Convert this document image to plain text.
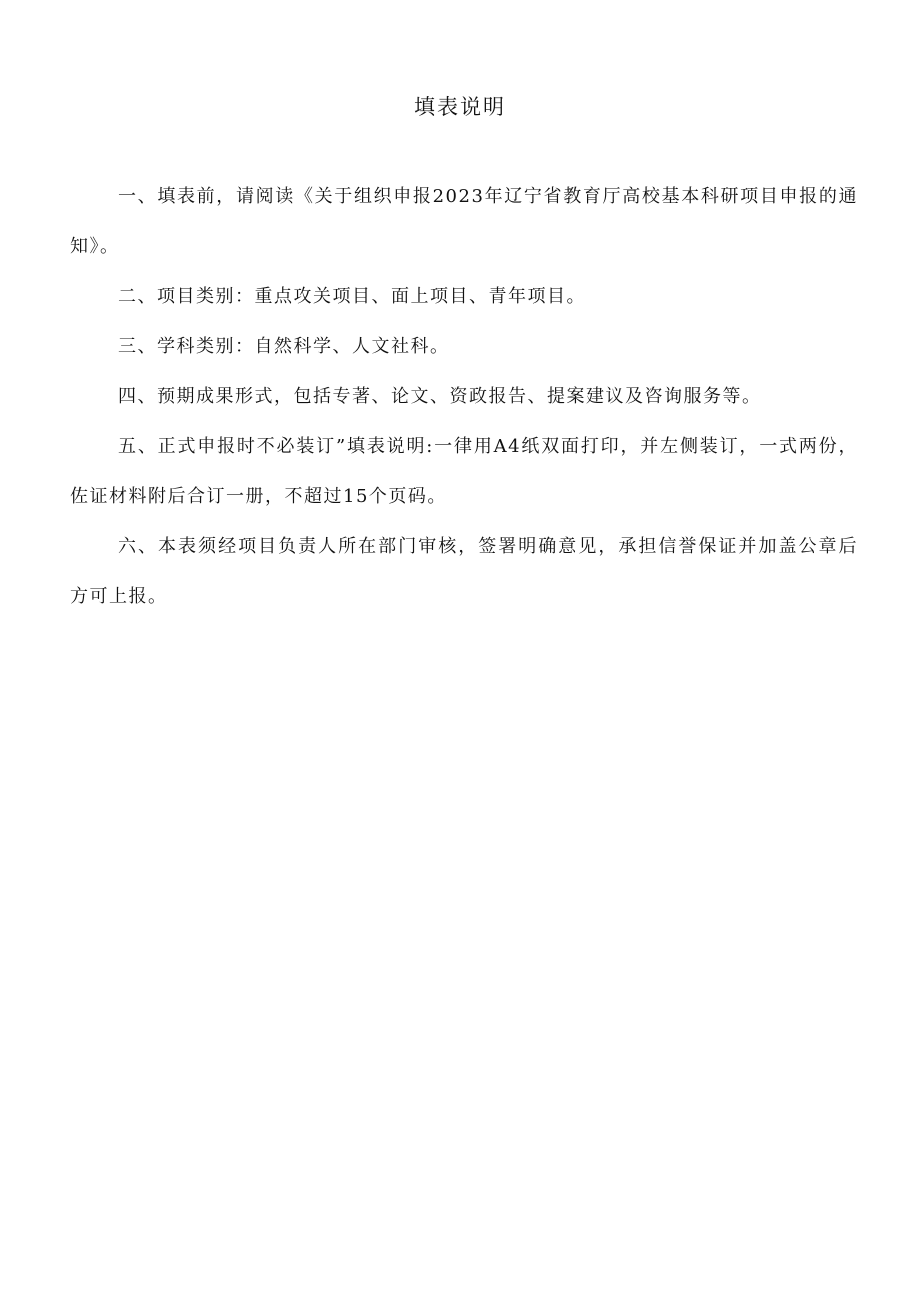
填表说明

一、填表前，请阅读《关于组织申报2023年辽宁省教育厅高校基本科研项目申报的通知》。

二、项目类别：重点攻关项目、面上项目、青年项目。

三、学科类别：自然科学、人文社科。

四、预期成果形式，包括专著、论文、资政报告、提案建议及咨询服务等。

五、正式申报时不必装订”填表说明:一律用A4纸双面打印，并左侧装订，一式两份，佐证材料附后合订一册，不超过15个页码。

六、本表须经项目负责人所在部门审核，签署明确意见，承担信誉保证并加盖公章后方可上报。
